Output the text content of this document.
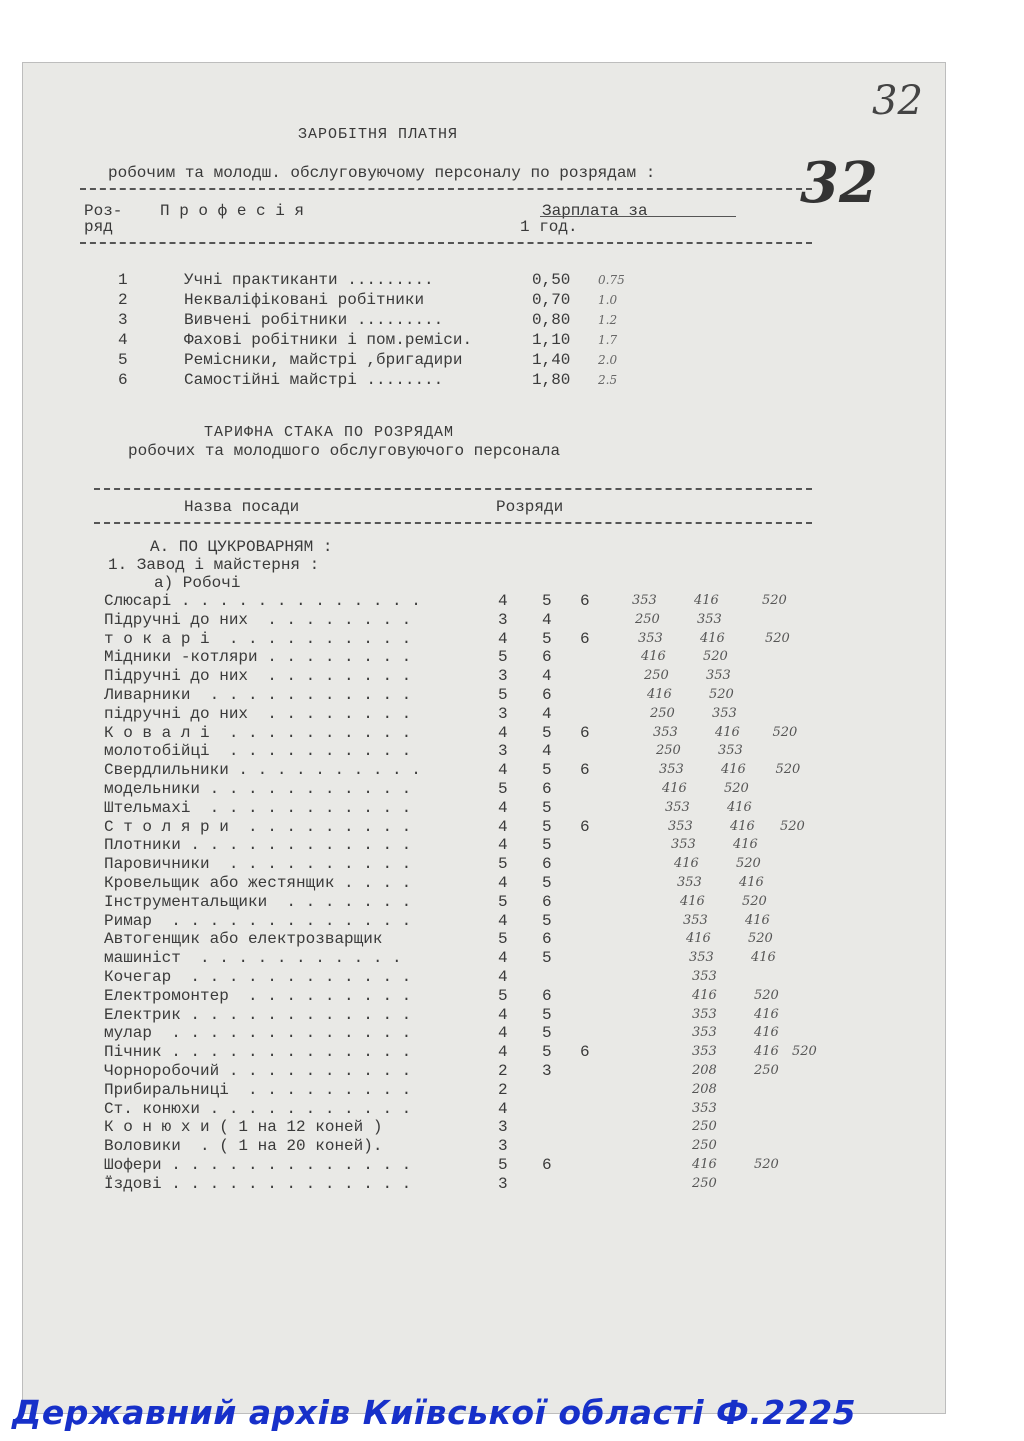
32
32
ЗАРОБІТНЯ ПЛАТНЯ
робочим та молодш. обслуговуючому персоналу по розрядам :
Роз-
ряд
П р о ф е с і я	Зарплата за
1 год.
1	Учні практиканти .........	0,50 0.75
2	Некваліфіковані робітники	0,70 1.0
3	Вивчені робітники .........	0,80 1.2
4	Фахові робітники і пом.реміси.	1,10 1.7
5	Ремісники, майстрі ,бригадири	1,40 2.0
6	Самостійні майстрі ........	1,80 2.5
ТАРИФНА СТАКА ПО РОЗРЯДАМ
робочих та молодшого обслуговуючого персонала
Назва посади	Розряди
А. ПО ЦУКРОВАРНЯМ :
1. Завод і майстерня :
а) Робочі
Слюсарі . . . . . . . . . . . . .	4 5 6	353	416	520
Підручні до них  . . . . . . . .	3 4	250	353
т о к а р і  . . . . . . . . . .	4 5 6	353	416	520
Мідники -котляри . . . . . . . .	5 6	416	520
Підручні до них  . . . . . . . .	3 4	250	353
Ливарники  . . . . . . . . . . .	5 6	416	520
підручні до них  . . . . . . . .	3 4	250	353
К о в а л і  . . . . . . . . . .	4 5 6	353	416	520
молотобійці  . . . . . . . . . .	3 4	250	353
Свердлильники . . . . . . . . . .	4 5 6	353	416 520
модельники . . . . . . . . . . .	5 6	416	520
Штельмахі  . . . . . . . . . . .	4 5	353	416
С т о л я р и  . . . . . . . . .	4 5 6	353	416 520
Плотники . . . . . . . . . . . .	4 5	353	416
Паровичники  . . . . . . . . . .	5 6	416	520
Кровельщик або жестянщик . . . .	4 5	353	416
Інструментальщики  . . . . . . .	5 6	416	520
Римар  . . . . . . . . . . . . .	4 5	353	416
Автогенщик або електрозварщик	5 6	416	520
машиніст  . . . . . . . . . . .	4 5	353	416
Кочегар  . . . . . . . . . . . .	4	353
Електромонтер  . . . . . . . . .	5 6	416	520
Електрик . . . . . . . . . . . .	4 5	353	416
мулар  . . . . . . . . . . . . .	4 5	353	416
Пічник . . . . . . . . . . . . .	4 5 6	353	416 520
Чорноробочий . . . . . . . . . .	2 3	208	250
Прибиральниці  . . . . . . . . .	2	208
Ст. конюхи . . . . . . . . . . .	4	353
К о н ю х и ( 1 на 12 коней )	3	250
Воловики  . ( 1 на 20 коней).	3	250
Шофери . . . . . . . . . . . . .	5 6	416	520
Їздові . . . . . . . . . . . . .	3	250
Державний архів Київської області Ф.2225
